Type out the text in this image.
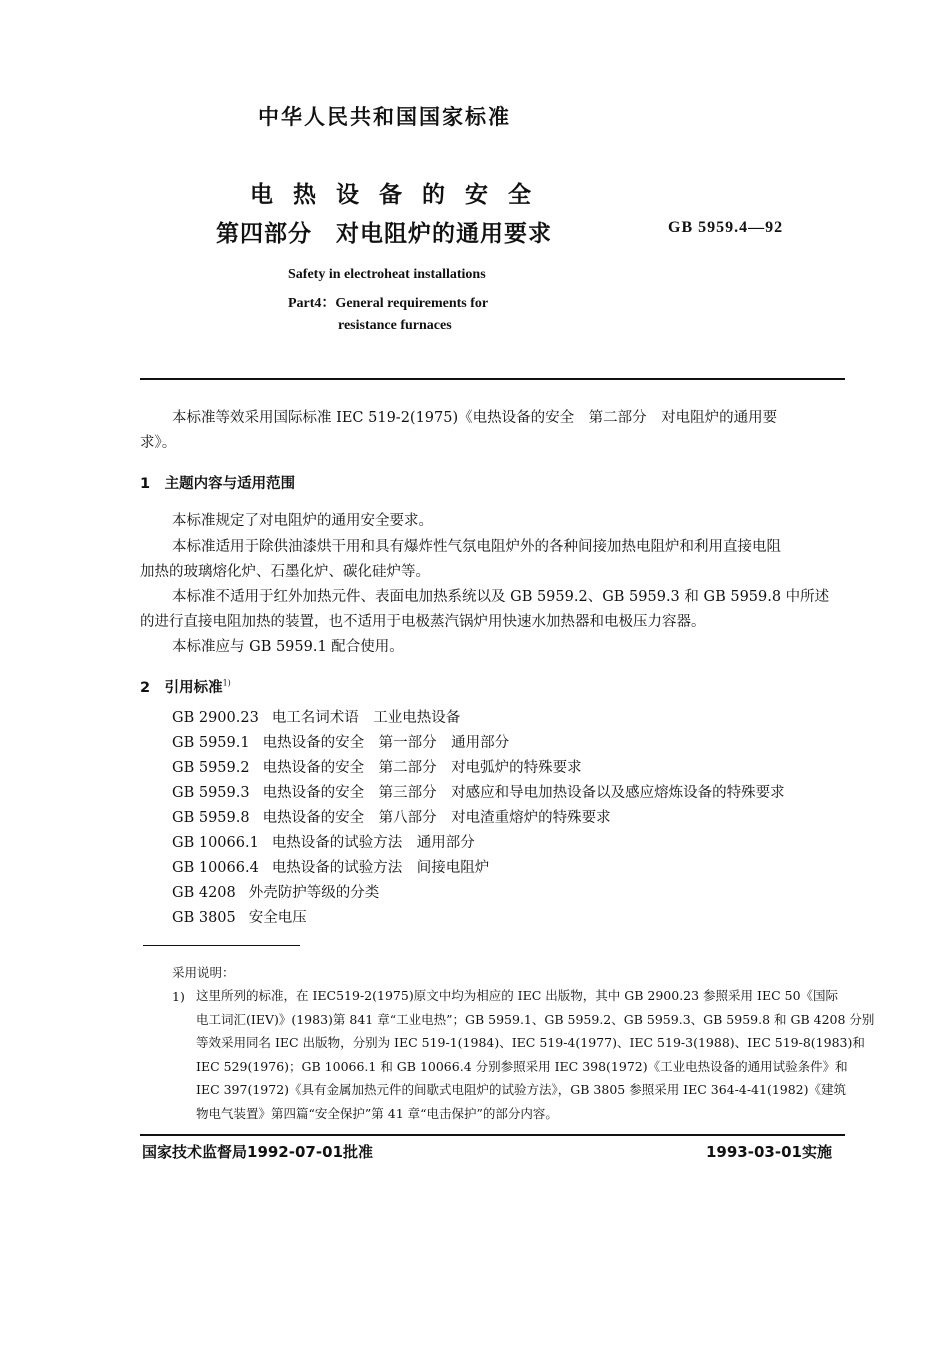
中华人民共和国国家标准
电 热 设 备 的 安 全
第四部分　对电阻炉的通用要求	GB 5959.4—92
Safety in electroheat installations
Part4：General requirements for
resistance furnaces
本标准等效采用国际标准 IEC 519-2(1975)《电热设备的安全　第二部分　对电阻炉的通用要
求》。
1　主题内容与适用范围
本标准规定了对电阻炉的通用安全要求。
本标准适用于除供油漆烘干用和具有爆炸性气氛电阻炉外的各种间接加热电阻炉和利用直接电阻
加热的玻璃熔化炉、石墨化炉、碳化硅炉等。
本标准不适用于红外加热元件、表面电加热系统以及 GB 5959.2、GB 5959.3 和 GB 5959.8 中所述
的进行直接电阻加热的装置，也不适用于电极蒸汽锅炉用快速水加热器和电极压力容器。
本标准应与 GB 5959.1 配合使用。
2　引用标准$^{1)}$
GB 2900.23 电工名词术语　工业电热设备
GB 5959.1 电热设备的安全　第一部分　通用部分
GB 5959.2 电热设备的安全　第二部分　对电弧炉的特殊要求
GB 5959.3 电热设备的安全　第三部分　对感应和导电加热设备以及感应熔炼设备的特殊要求
GB 5959.8 电热设备的安全　第八部分　对电渣重熔炉的特殊要求
GB 10066.1 电热设备的试验方法　通用部分
GB 10066.4 电热设备的试验方法　间接电阻炉
GB 4208 外壳防护等级的分类
GB 3805 安全电压
采用说明：
1) 这里所列的标准，在 IEC519-2(1975)原文中均为相应的 IEC 出版物，其中 GB 2900.23 参照采用 IEC 50《国际
电工词汇(IEV)》(1983)第 841 章“工业电热”；GB 5959.1、GB 5959.2、GB 5959.3、GB 5959.8 和 GB 4208 分别
等效采用同名 IEC 出版物，分别为 IEC 519-1(1984)、IEC 519-4(1977)、IEC 519-3(1988)、IEC 519-8(1983)和
IEC 529(1976)；GB 10066.1 和 GB 10066.4 分别参照采用 IEC 398(1972)《工业电热设备的通用试验条件》和
IEC 397(1972)《具有金属加热元件的间歇式电阻炉的试验方法》，GB 3805 参照采用 IEC 364-4-41(1982)《建筑
物电气装置》第四篇“安全保护”第 41 章“电击保护”的部分内容。
国家技术监督局1992-07-01批准	1993-03-01实施
